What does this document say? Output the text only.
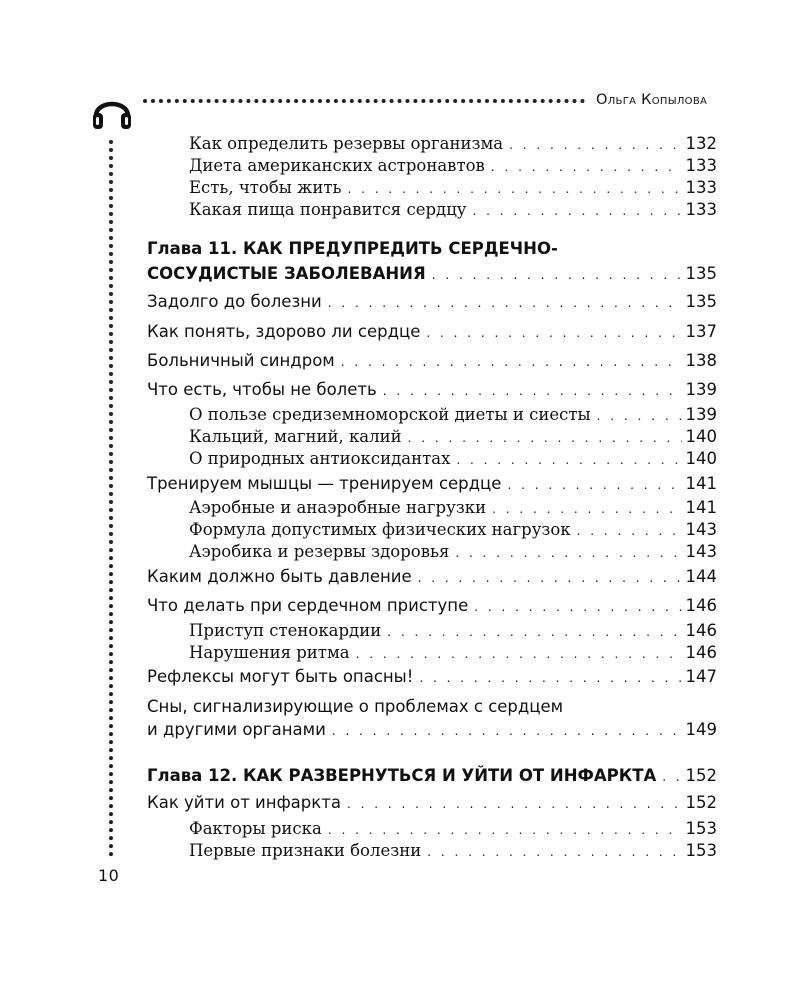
Ольга Копылова
Как определить резервы организма . . .	132
Диета американских астронавтов . . .	133
Есть, чтобы жить . . .	133
Какая пища понравится сердцу . . .	133
Глава 11. КАК ПРЕДУПРЕДИТЬ СЕРДЕЧНО-
СОСУДИСТЫЕ ЗАБОЛЕВАНИЯ . . .	135
Задолго до болезни . . .	135
Как понять, здорово ли сердце . . .	137
Больничный синдром . . .	138
Что есть, чтобы не болеть . . .	139
О пользе средиземноморской диеты и сиесты . . .	139
Кальций, магний, калий . . .	140
О природных антиоксидантах . . .	140
Тренируем мышцы — тренируем сердце . . .	141
Аэробные и анаэробные нагрузки . . .	141
Формула допустимых физических нагрузок . . .	143
Аэробика и резервы здоровья . . .	143
Каким должно быть давление . . .	144
Что делать при сердечном приступе . . .	146
Приступ стенокардии . . .	146
Нарушения ритма . . .	146
Рефлексы могут быть опасны! . . .	147
Сны, сигнализирующие о проблемах с сердцем
и другими органами . . .	149
Глава 12. КАК РАЗВЕРНУТЬСЯ И УЙТИ ОТ ИНФАРКТА . . . 152
Как уйти от инфаркта . . .	152
Факторы риска . . .	153
Первые признаки болезни . . .	153
10
